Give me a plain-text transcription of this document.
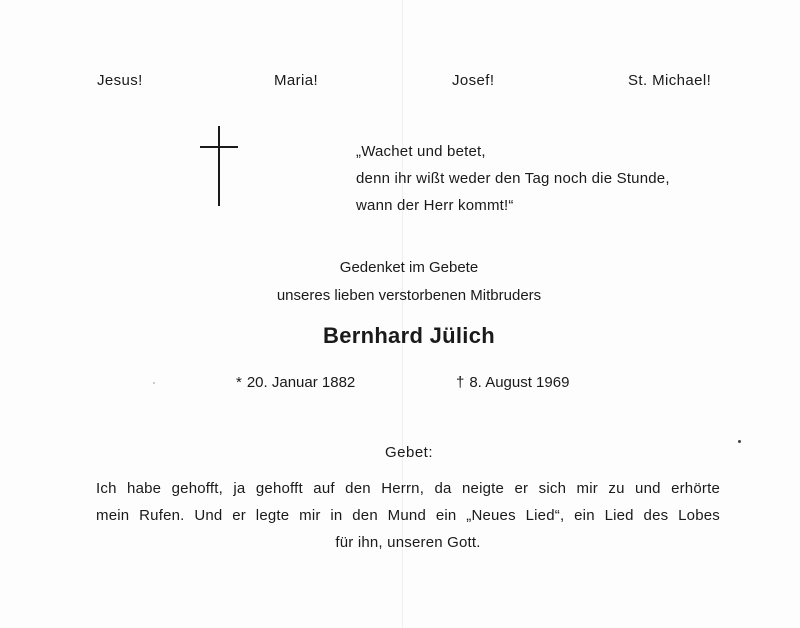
Jesus!	Maria!	Josef!	St. Michael!
„Wachet und betet,
denn ihr wißt weder den Tag noch die Stunde,
wann der Herr kommt!“
Gedenket im Gebete
unseres lieben verstorbenen Mitbruders
Bernhard Jülich
* 20. Januar 1882	† 8. August 1969
Gebet:
Ich habe gehofft, ja gehofft auf den Herrn, da neigte er sich mir zu und erhörte
mein Rufen. Und er legte mir in den Mund ein „Neues Lied“, ein Lied des Lobes
für ihn, unseren Gott.
